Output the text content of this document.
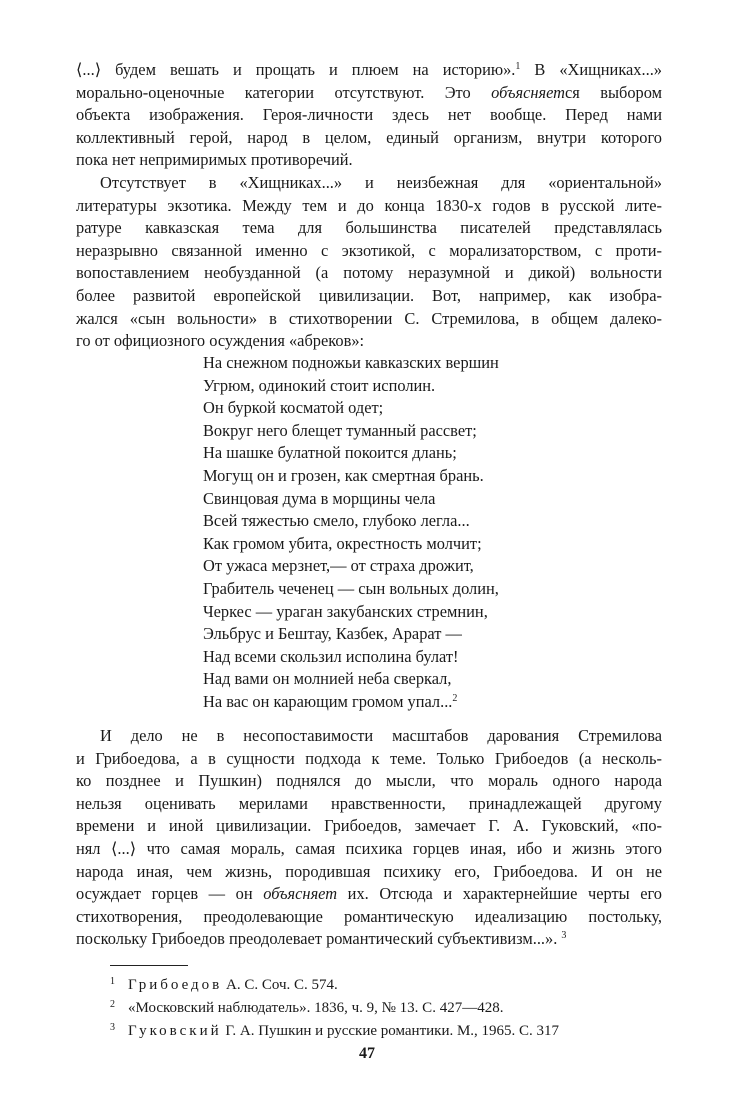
⟨...⟩ будем вешать и прощать и плюем на историю».$^1$ В «Хищниках...»
морально-оценочные категории отсутствуют. Это объясняется выбором
объекта изображения. Героя-личности здесь нет вообще. Перед нами
коллективный герой, народ в целом, единый организм, внутри которого
пока нет непримиримых противоречий.
Отсутствует в «Хищниках...» и неизбежная для «ориентальной»
литературы экзотика. Между тем и до конца 1830-х годов в русской лите-
ратуре кавказская тема для большинства писателей представлялась
неразрывно связанной именно с экзотикой, с морализаторством, с проти-
вопоставлением необузданной (а потому неразумной и дикой) вольности
более развитой европейской цивилизации. Вот, например, как изобра-
жался «сын вольности» в стихотворении С. Стремилова, в общем далеко-
го от официозного осуждения «абреков»:
На снежном подножьи кавказских вершин
Угрюм, одинокий стоит исполин.
Он буркой косматой одет;
Вокруг него блещет туманный рассвет;
На шашке булатной покоится длань;
Могущ он и грозен, как смертная брань.
Свинцовая дума в морщины чела
Всей тяжестью смело, глубоко легла...
Как громом убита, окрестность молчит;
От ужаса мерзнет,— от страха дрожит,
Грабитель чеченец — сын вольных долин,
Черкес — ураган закубанских стремнин,
Эльбрус и Бештау, Казбек, Арарат —
Над всеми скользил исполина булат!
Над вами он молнией неба сверкал,
На вас он карающим громом упал...$^2$
И дело не в несопоставимости масштабов дарования Стремилова
и Грибоедова, а в сущности подхода к теме. Только Грибоедов (а несколь-
ко позднее и Пушкин) поднялся до мысли, что мораль одного народа
нельзя оценивать мерилами нравственности, принадлежащей другому
времени и иной цивилизации. Грибоедов, замечает Г. А. Гуковский, «по-
нял ⟨...⟩ что самая мораль, самая психика горцев иная, ибо и жизнь этого
народа иная, чем жизнь, породившая психику его, Грибоедова. И он не
осуждает горцев — он объясняет их. Отсюда и характернейшие черты его
стихотворения, преодолевающие романтическую идеализацию постольку,
поскольку Грибоедов преодолевает романтический субъективизм...». $^3$
1 Грибоедов А. С. Соч. С. 574.
2 «Московский наблюдатель». 1836, ч. 9, № 13. С. 427—428.
3 Гуковский Г. А. Пушкин и русские романтики. М., 1965. С. 317
47
